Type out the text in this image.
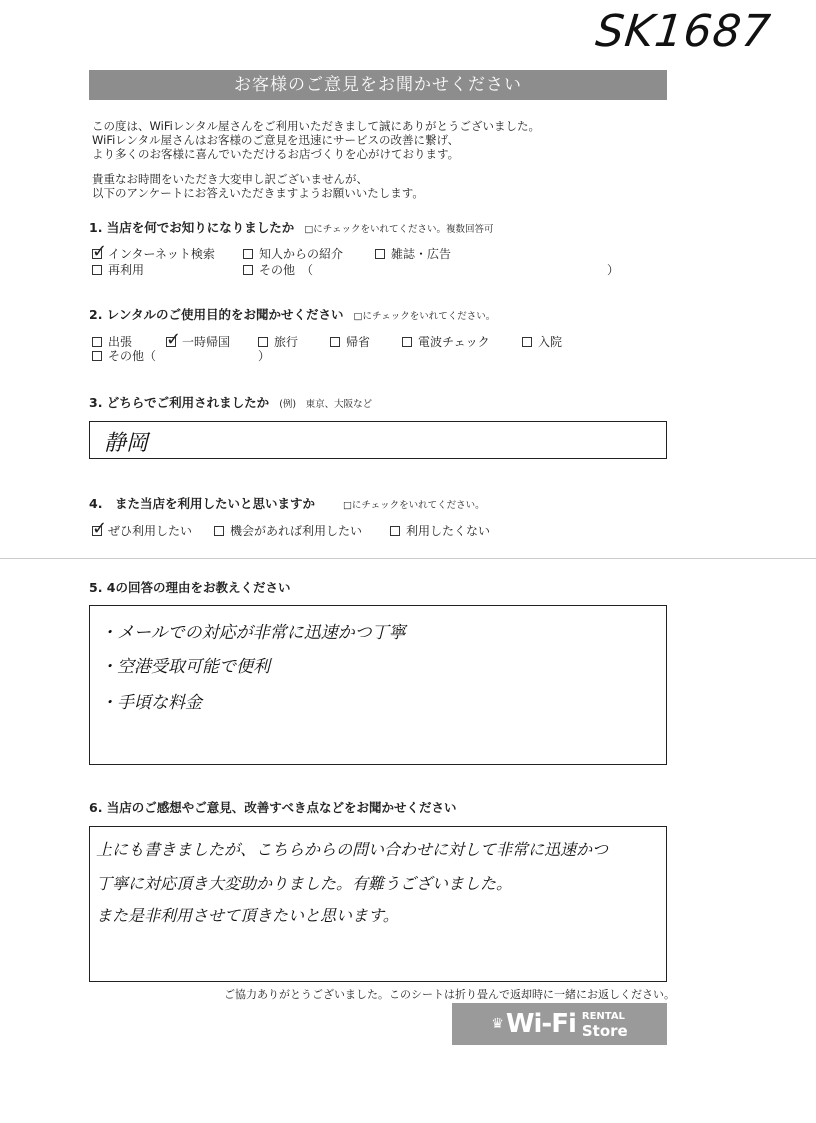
SK1687
お客様のご意見をお聞かせください
この度は、WiFiレンタル屋さんをご利用いただきまして誠にありがとうございました。
WiFiレンタル屋さんはお客様のご意見を迅速にサービスの改善に繋げ、
より多くのお客様に喜んでいただけるお店づくりを心がけております。
貴重なお時間をいただき大変申し訳ございませんが、
以下のアンケートにお答えいただきますようお願いいたします。
1. 当店を何でお知りになりましたか □にチェックをいれてください。複数回答可
✓
インターネット検索	知人からの紹介	雑誌・広告
再利用	その他　（	）
2. レンタルのご使用目的をお聞かせください □にチェックをいれてください。
出張
✓	一時帰国	旅行	帰省	電波チェック	入院
その他（	）
3. どちらでご利用されましたか (例)　東京、大阪など
静岡
4.　また当店を利用したいと思いますか	□にチェックをいれてください。
✓
ぜひ利用したい	機会があれば利用したい	利用したくない
5. 4の回答の理由をお教えください
・メールでの対応が非常に迅速かつ丁寧
・空港受取可能で便利
・手頃な料金
6. 当店のご感想やご意見、改善すべき点などをお聞かせください
上にも書きましたが、こちらからの問い合わせに対して非常に迅速かつ
丁寧に対応頂き大変助かりました。有難うございました。
また是非利用させて頂きたいと思います。
ご協力ありがとうございました。このシートは折り畳んで返却時に一緒にお返しください。
♛ Wi-Fi RENTAL
Store
